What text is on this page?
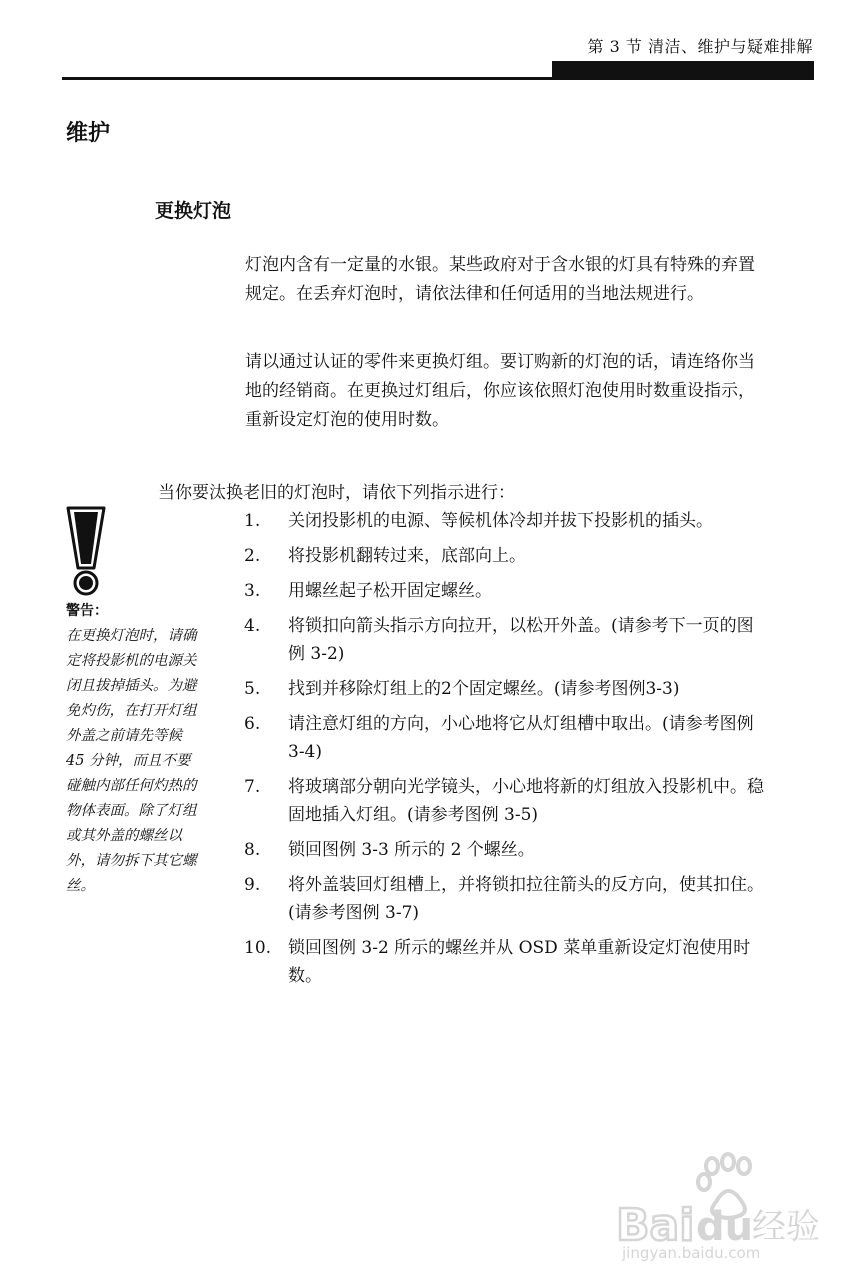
第 3 节 清洁、维护与疑难排解
维护
更换灯泡

灯泡内含有一定量的水银。某些政府对于含水银的灯具有特殊的弃置规定。在丢弃灯泡时，请依法律和任何适用的当地法规进行。

请以通过认证的零件来更换灯组。要订购新的灯泡的话，请连络你当地的经销商。在更换过灯组后，你应该依照灯泡使用时数重设指示，重新设定灯泡的使用时数。

当你要汰换老旧的灯泡时，请依下列指示进行：

警告：
在更换灯泡时，请确定将投影机的电源关闭且拔掉插头。为避免灼伤，在打开灯组外盖之前请先等候 45 分钟，而且不要碰触内部任何灼热的物体表面。除了灯组或其外盖的螺丝以外，请勿拆下其它螺丝。
1.	关闭投影机的电源、等候机体冷却并拔下投影机的插头。
2.	将投影机翻转过来，底部向上。
3.	用螺丝起子松开固定螺丝。
4.	将锁扣向箭头指示方向拉开，以松开外盖。(请参考下一页的图例 3-2)
5.	找到并移除灯组上的2个固定螺丝。(请参考图例3-3)
6.	请注意灯组的方向，小心地将它从灯组槽中取出。(请参考图例 3-4)
7.	将玻璃部分朝向光学镜头，小心地将新的灯组放入投影机中。稳固地插入灯组。(请参考图例 3-5)
8.	锁回图例 3-3 所示的 2 个螺丝。
9.	将外盖装回灯组槽上，并将锁扣拉往箭头的反方向，使其扣住。(请参考图例 3-7)
10. 锁回图例 3-2 所示的螺丝并从 OSD 菜单重新设定灯泡使用时数。
Bai du
经验
jingyan.baidu.com
